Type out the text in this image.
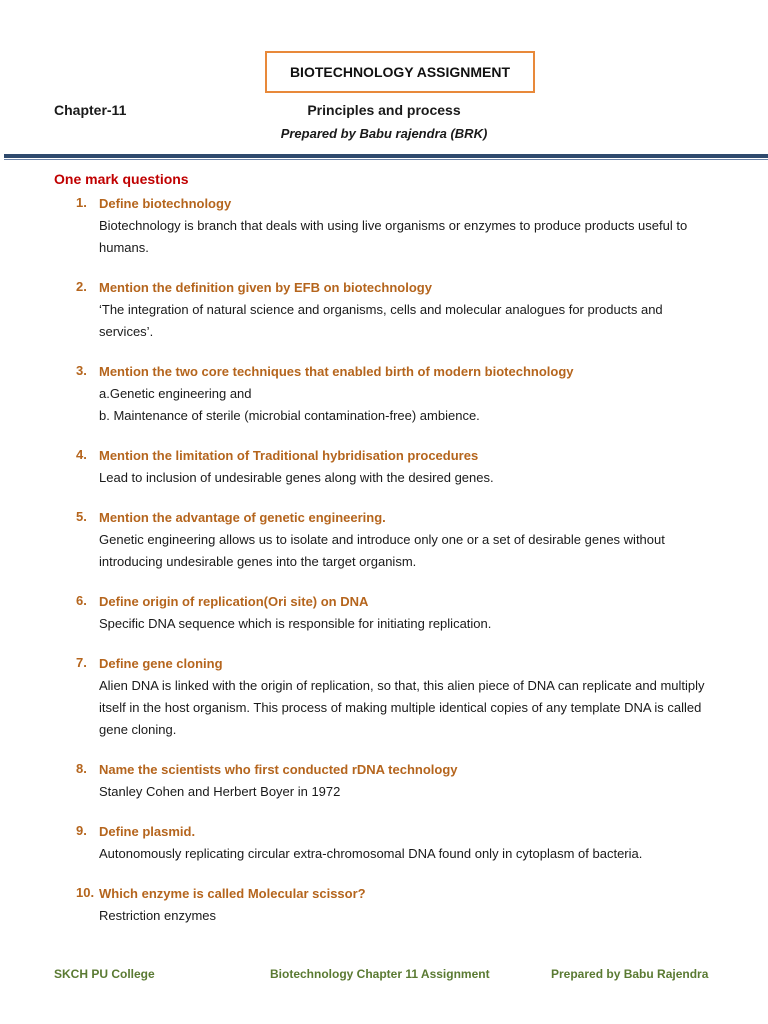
BIOTECHNOLOGY ASSIGNMENT
Chapter-11	Principles and process
Prepared by Babu rajendra (BRK)
One mark questions
1. Define biotechnology
Biotechnology is branch that deals with using live organisms or enzymes to produce products useful to humans.
2. Mention the definition given by EFB on biotechnology
‘The integration of natural science and organisms, cells and molecular analogues for products and services’.
3. Mention the two core techniques that enabled birth of modern biotechnology
a.Genetic engineering and
b. Maintenance of sterile (microbial contamination-free) ambience.
4. Mention the limitation of Traditional hybridisation procedures
Lead to inclusion of undesirable genes along with the desired genes.
5. Mention the advantage of genetic engineering.
Genetic engineering allows us to isolate and introduce only one or a set of desirable genes without introducing undesirable genes into the target organism.
6. Define origin of replication(Ori site) on DNA
Specific DNA sequence which is responsible for initiating replication.
7. Define gene cloning
Alien DNA is linked with the origin of replication, so that, this alien piece of DNA can replicate and multiply itself in the host organism. This process of making multiple identical copies of any template DNA is called gene cloning.
8. Name the scientists who first conducted rDNA technology
Stanley Cohen and Herbert Boyer in 1972
9. Define plasmid.
Autonomously replicating circular extra-chromosomal DNA found only in cytoplasm of bacteria.
10. Which enzyme is called Molecular scissor?
Restriction enzymes
SKCH PU College	Biotechnology Chapter 11 Assignment	Prepared by Babu Rajendra
